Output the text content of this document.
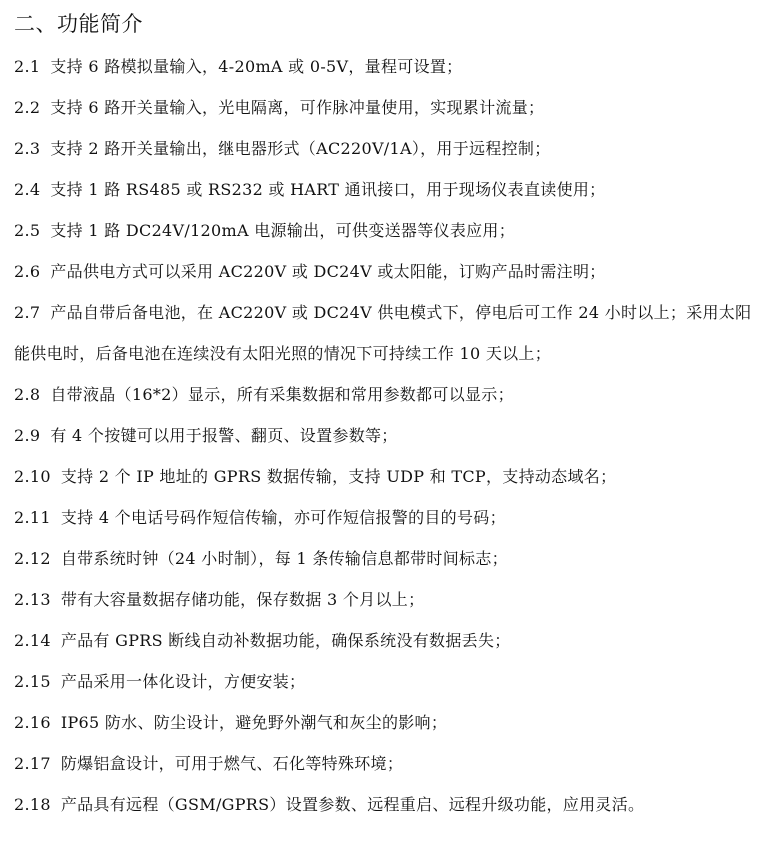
二、功能简介
2.1 支持 6 路模拟量输入，4-20mA 或 0-5V，量程可设置；
2.2 支持 6 路开关量输入，光电隔离，可作脉冲量使用，实现累计流量；
2.3 支持 2 路开关量输出，继电器形式（AC220V/1A），用于远程控制；
2.4 支持 1 路 RS485 或 RS232 或 HART 通讯接口，用于现场仪表直读使用；
2.5 支持 1 路 DC24V/120mA 电源输出，可供变送器等仪表应用；
2.6 产品供电方式可以采用 AC220V 或 DC24V 或太阳能，订购产品时需注明；
2.7 产品自带后备电池，在 AC220V 或 DC24V 供电模式下，停电后可工作 24 小时以上；采用太阳能供电时，后备电池在连续没有太阳光照的情况下可持续工作 10 天以上；
2.8 自带液晶（16*2）显示，所有采集数据和常用参数都可以显示；
2.9 有 4 个按键可以用于报警、翻页、设置参数等；
2.10 支持 2 个 IP 地址的 GPRS 数据传输，支持 UDP 和 TCP，支持动态域名；
2.11 支持 4 个电话号码作短信传输，亦可作短信报警的目的号码；
2.12 自带系统时钟（24 小时制），每 1 条传输信息都带时间标志；
2.13 带有大容量数据存储功能，保存数据 3 个月以上；
2.14 产品有 GPRS 断线自动补数据功能，确保系统没有数据丢失；
2.15 产品采用一体化设计，方便安装；
2.16 IP65 防水、防尘设计，避免野外潮气和灰尘的影响；
2.17 防爆铝盒设计，可用于燃气、石化等特殊环境；
2.18 产品具有远程（GSM/GPRS）设置参数、远程重启、远程升级功能，应用灵活。
